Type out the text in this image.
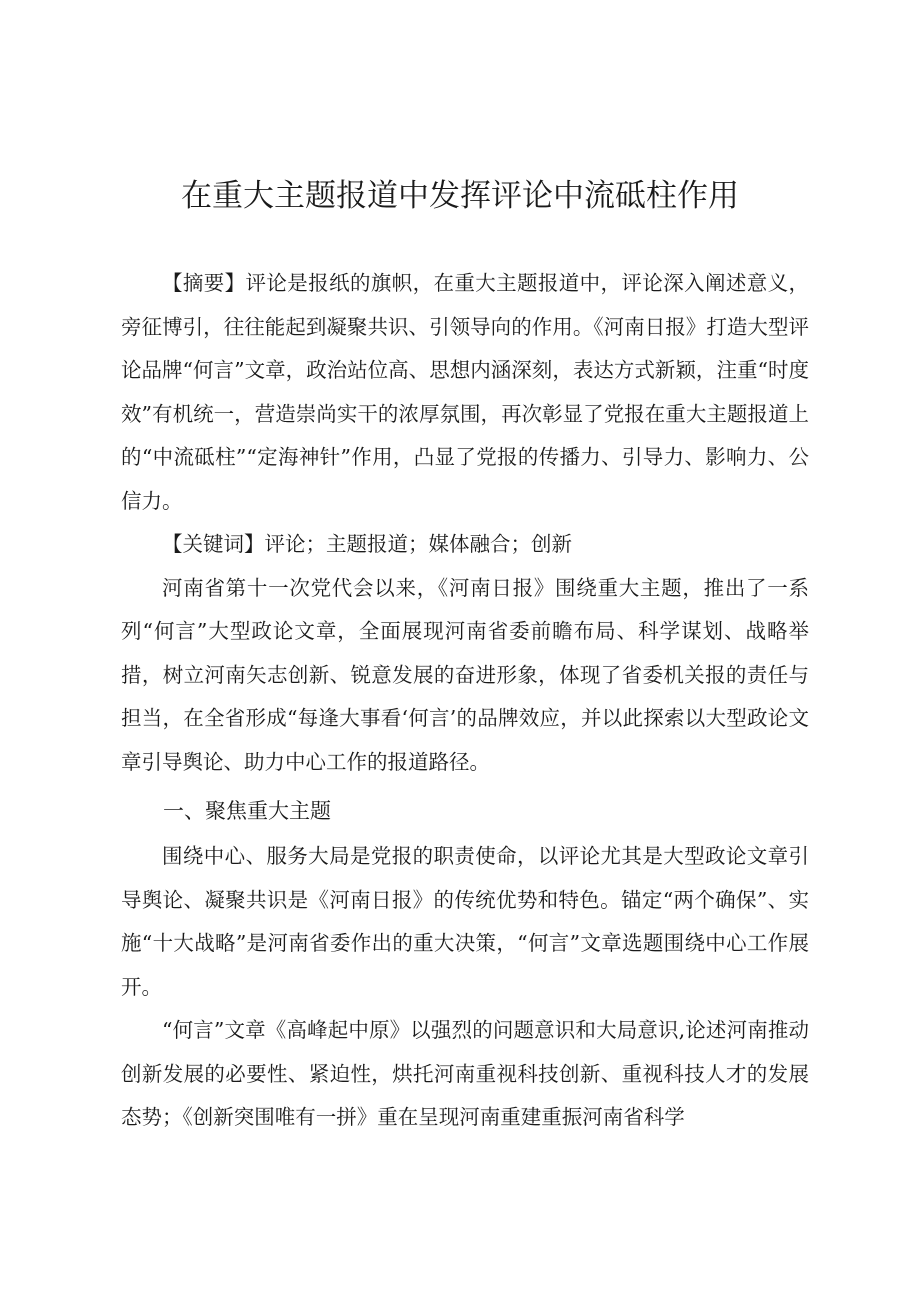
在重大主题报道中发挥评论中流砥柱作用

【摘要】评论是报纸的旗帜，在重大主题报道中，评论深入阐述意义，旁征博引，往往能起到凝聚共识、引领导向的作用。《河南日报》打造大型评论品牌“何言”文章，政治站位高、思想内涵深刻，表达方式新颖，注重“时度效”有机统一，营造崇尚实干的浓厚氛围，再次彰显了党报在重大主题报道上的“中流砥柱”“定海神针”作用，凸显了党报的传播力、引导力、影响力、公信力。

【关键词】评论；主题报道；媒体融合；创新

河南省第十一次党代会以来，《河南日报》围绕重大主题，推出了一系列“何言”大型政论文章，全面展现河南省委前瞻布局、科学谋划、战略举措，树立河南矢志创新、锐意发展的奋进形象，体现了省委机关报的责任与担当，在全省形成“每逢大事看‘何言’的品牌效应，并以此探索以大型政论文章引导舆论、助力中心工作的报道路径。

一、聚焦重大主题

围绕中心、服务大局是党报的职责使命，以评论尤其是大型政论文章引导舆论、凝聚共识是《河南日报》的传统优势和特色。锚定“两个确保”、实施“十大战略”是河南省委作出的重大决策，“何言”文章选题围绕中心工作展开。

“何言”文章《高峰起中原》以强烈的问题意识和大局意识,论述河南推动创新发展的必要性、紧迫性，烘托河南重视科技创新、重视科技人才的发展态势；《创新突围唯有一拼》重在呈现河南重建重振河南省科学
